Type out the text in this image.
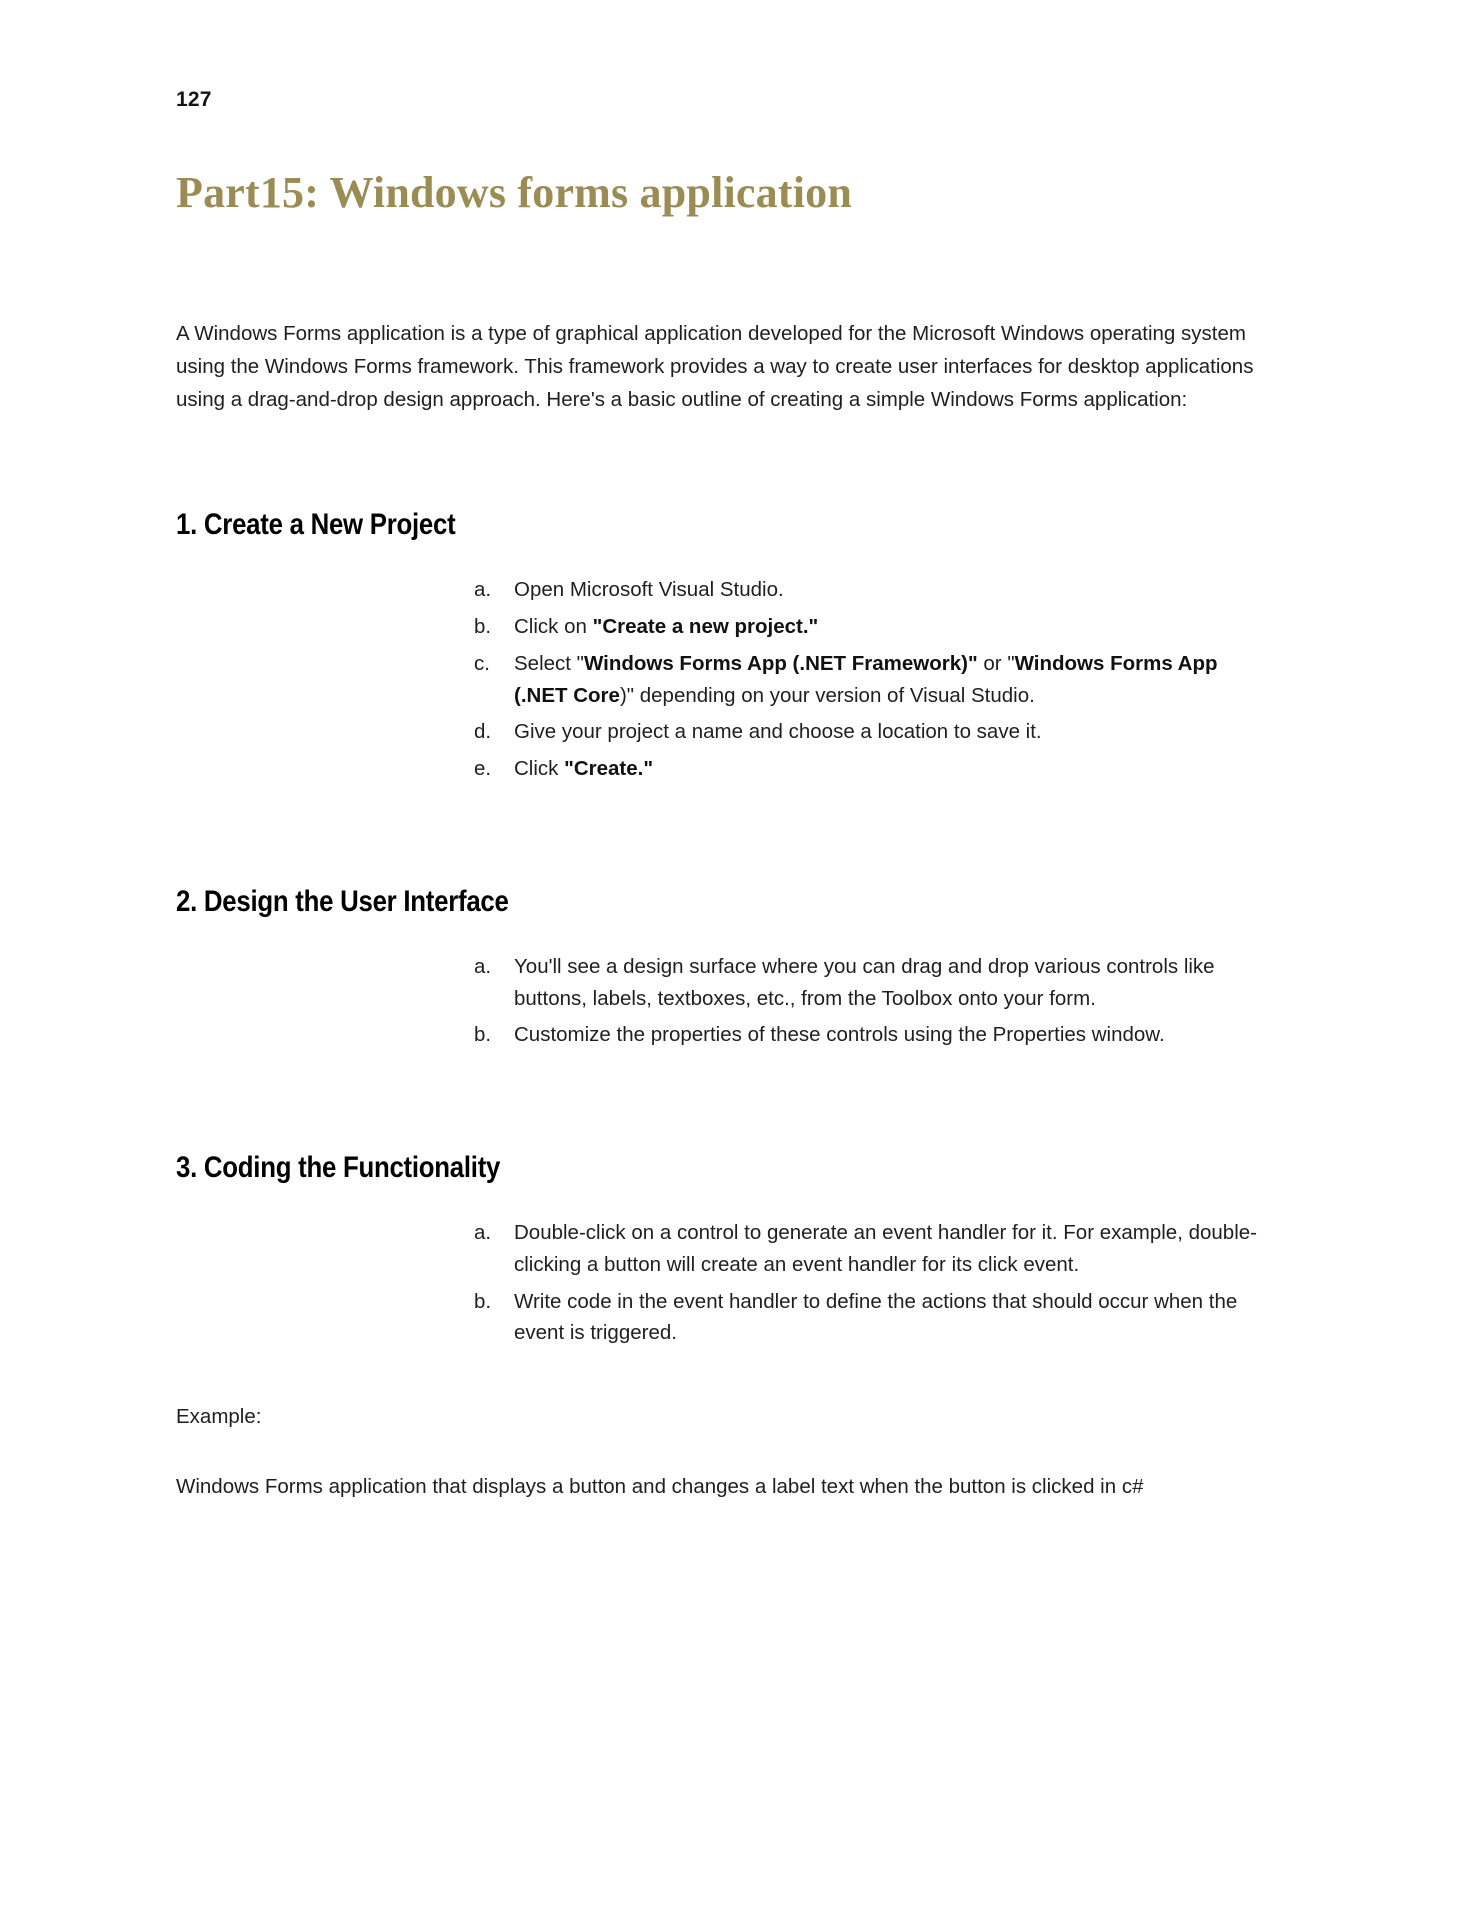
127
Part15: Windows forms application

A Windows Forms application is a type of graphical application developed for the Microsoft Windows operating system using the Windows Forms framework. This framework provides a way to create user interfaces for desktop applications using a drag-and-drop design approach. Here's a basic outline of creating a simple Windows Forms application:

1. Create a New Project
a.	Open Microsoft Visual Studio.
b.	Click on "Create a new project."
c.	Select "Windows Forms App (.NET Framework)" or "Windows Forms App (.NET Core)" depending on your version of Visual Studio.
d.	Give your project a name and choose a location to save it.
e.	Click "Create."
2. Design the User Interface
a.	You'll see a design surface where you can drag and drop various controls like buttons, labels, textboxes, etc., from the Toolbox onto your form.
b.	Customize the properties of these controls using the Properties window.
3. Coding the Functionality
a.	Double-click on a control to generate an event handler for it. For example, double-clicking a button will create an event handler for its click event.
b.	Write code in the event handler to define the actions that should occur when the event is triggered.

Example:

Windows Forms application that displays a button and changes a label text when the button is clicked in c#
